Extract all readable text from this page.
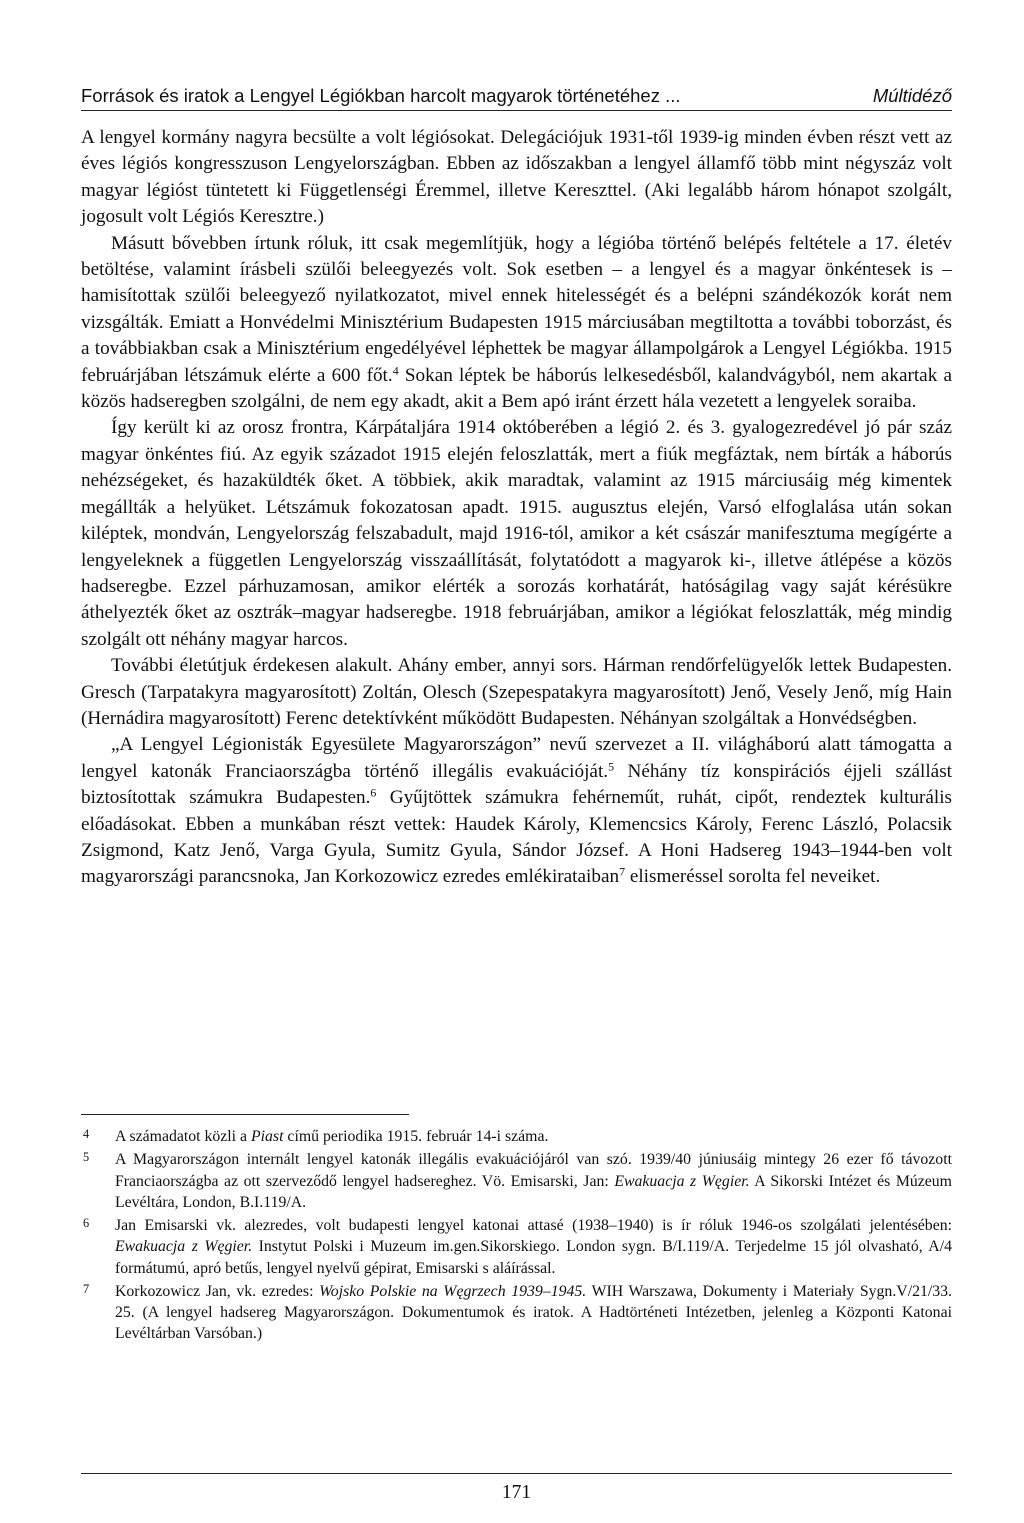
Források és iratok a Lengyel Légiókban harcolt magyarok történetéhez ...	Múltidéző

A lengyel kormány nagyra becsülte a volt légiósokat. Delegációjuk 1931-től 1939-ig minden évben részt vett az éves légiós kongresszuson Lengyelországban. Ebben az időszakban a lengyel államfő több mint négyszáz volt magyar légióst tüntetett ki Függetlenségi Éremmel, illetve Kereszttel. (Aki legalább három hónapot szolgált, jogosult volt Légiós Keresztre.)

Másutt bővebben írtunk róluk, itt csak megemlítjük, hogy a légióba történő belépés feltétele a 17. életév betöltése, valamint írásbeli szülői beleegyezés volt. Sok esetben – a lengyel és a magyar önkéntesek is – hamisítottak szülői beleegyező nyilatkozatot, mivel ennek hitelességét és a belépni szándékozók korát nem vizsgálták. Emiatt a Honvédelmi Minisztérium Budapesten 1915 márciusában megtiltotta a további toborzást, és a továbbiakban csak a Minisztérium engedélyével léphettek be magyar állampolgárok a Lengyel Légiókba. 1915 februárjában létszámuk elérte a 600 főt.$^4$ Sokan léptek be háborús lelkesedésből, kalandvágyból, nem akartak a közös hadseregben szolgálni, de nem egy akadt, akit a Bem apó iránt érzett hála vezetett a lengyelek soraiba.

Így került ki az orosz frontra, Kárpátaljára 1914 októberében a légió 2. és 3. gyalogezredével jó pár száz magyar önkéntes fiú. Az egyik századot 1915 elején feloszlatták, mert a fiúk megfáztak, nem bírták a háborús nehézségeket, és hazaküldték őket. A többiek, akik maradtak, valamint az 1915 márciusáig még kimentek megállták a helyüket. Létszámuk fokozatosan apadt. 1915. augusztus elején, Varsó elfoglalása után sokan kiléptek, mondván, Lengyelország felszabadult, majd 1916-tól, amikor a két császár manifesztuma megígérte a lengyeleknek a független Lengyelország visszaállítását, folytatódott a magyarok ki-, illetve átlépése a közös hadseregbe. Ezzel párhuzamosan, amikor elérték a sorozás korhatárát, hatóságilag vagy saját kérésükre áthelyezték őket az osztrák–magyar hadseregbe. 1918 februárjában, amikor a légiókat feloszlatták, még mindig szolgált ott néhány magyar harcos.

További életútjuk érdekesen alakult. Ahány ember, annyi sors. Hárman rendőrfelügyelők lettek Budapesten. Gresch (Tarpatakyra magyarosított) Zoltán, Olesch (Szepespatakyra magyarosított) Jenő, Vesely Jenő, míg Hain (Hernádira magyarosított) Ferenc detektívként működött Budapesten. Néhányan szolgáltak a Honvédségben.

„A Lengyel Légionisták Egyesülete Magyarországon” nevű szervezet a II. világháború alatt támogatta a lengyel katonák Franciaországba történő illegális evakuációját.$^5$ Néhány tíz konspirációs éjjeli szállást biztosítottak számukra Budapesten.$^6$ Gyűjtöttek számukra fehérneműt, ruhát, cipőt, rendeztek kulturális előadásokat. Ebben a munkában részt vettek: Haudek Károly, Klemencsics Károly, Ferenc László, Polacsik Zsigmond, Katz Jenő, Varga Gyula, Sumitz Gyula, Sándor József. A Honi Hadsereg 1943–1944-ben volt magyarországi parancsnoka, Jan Korkozowicz ezredes emlékirataiban$^7$ elismeréssel sorolta fel neveiket.

4	A számadatot közli a Piast című periodika 1915. február 14-i száma.
5	A Magyarországon internált lengyel katonák illegális evakuációjáról van szó. 1939/40 júniusáig mintegy 26 ezer fő távozott Franciaországba az ott szerveződő lengyel hadsereghez. Vö. Emisarski, Jan: Ewakuacja z Węgier. A Sikorski Intézet és Múzeum Levéltára, London, B.I.119/A.
6	Jan Emisarski vk. alezredes, volt budapesti lengyel katonai attasé (1938–1940) is ír róluk 1946-os szolgálati jelentésében: Ewakuacja z Węgier. Instytut Polski i Muzeum im.gen.Sikorskiego. London sygn. B/I.119/A. Terjedelme 15 jól olvasható, A/4 formátumú, apró betűs, lengyel nyelvű gépirat, Emisarski s aláírással.
7	Korkozowicz Jan, vk. ezredes: Wojsko Polskie na Węgrzech 1939–1945. WIH Warszawa, Dokumenty i Materiały Sygn.V/21/33. 25. (A lengyel hadsereg Magyarországon. Dokumentumok és iratok. A Hadtörténeti Intézetben, jelenleg a Központi Katonai Levéltárban Varsóban.)
171
